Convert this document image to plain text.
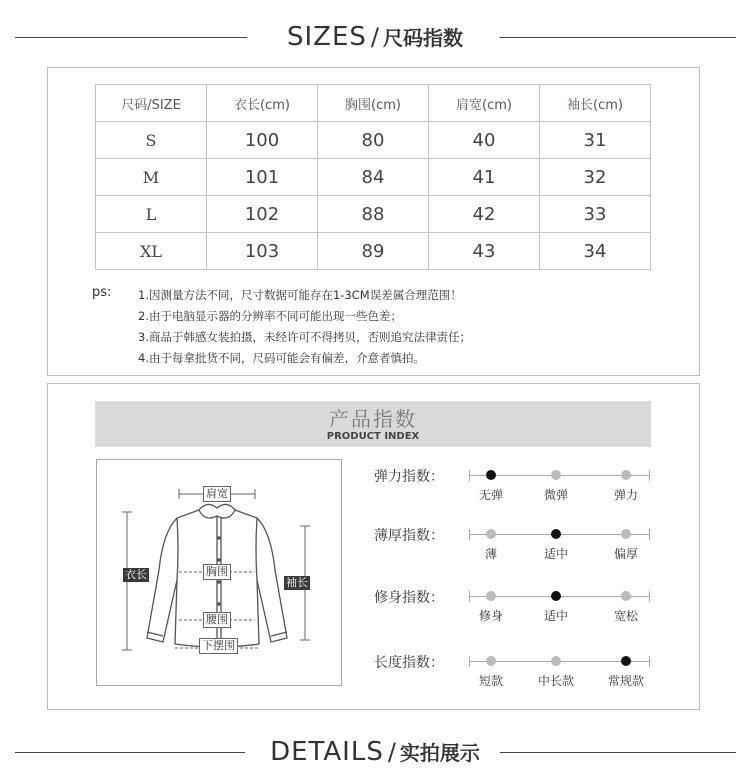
SIZES / 尺码指数
尺码/SIZE	衣长(cm)	胸围(cm)	肩宽(cm)	袖长(cm)
S	100	80	40	31
M	101	84	41	32
L	102	88	42	33
XL	103	89	43	34
ps: 1.因测量方法不同，尺寸数据可能存在1-3CM误差属合理范围！
2.由于电脑显示器的分辨率不同可能出现一些色差；
3.商品于韩感女装拍摄，未经许可不得拷贝，否则追究法律责任；
4.由于每拿批货不同，尺码可能会有偏差，介意者慎拍。
产品指数
PRODUCT INDEX
肩宽
衣长	胸围
袖长
腰围
下摆围
弹力指数：
无弹	微弹	弹力
薄厚指数：
薄	适中	偏厚
修身指数：
修身	适中	宽松
长度指数：
短款	中长款	常规款
DETAILS / 实拍展示
